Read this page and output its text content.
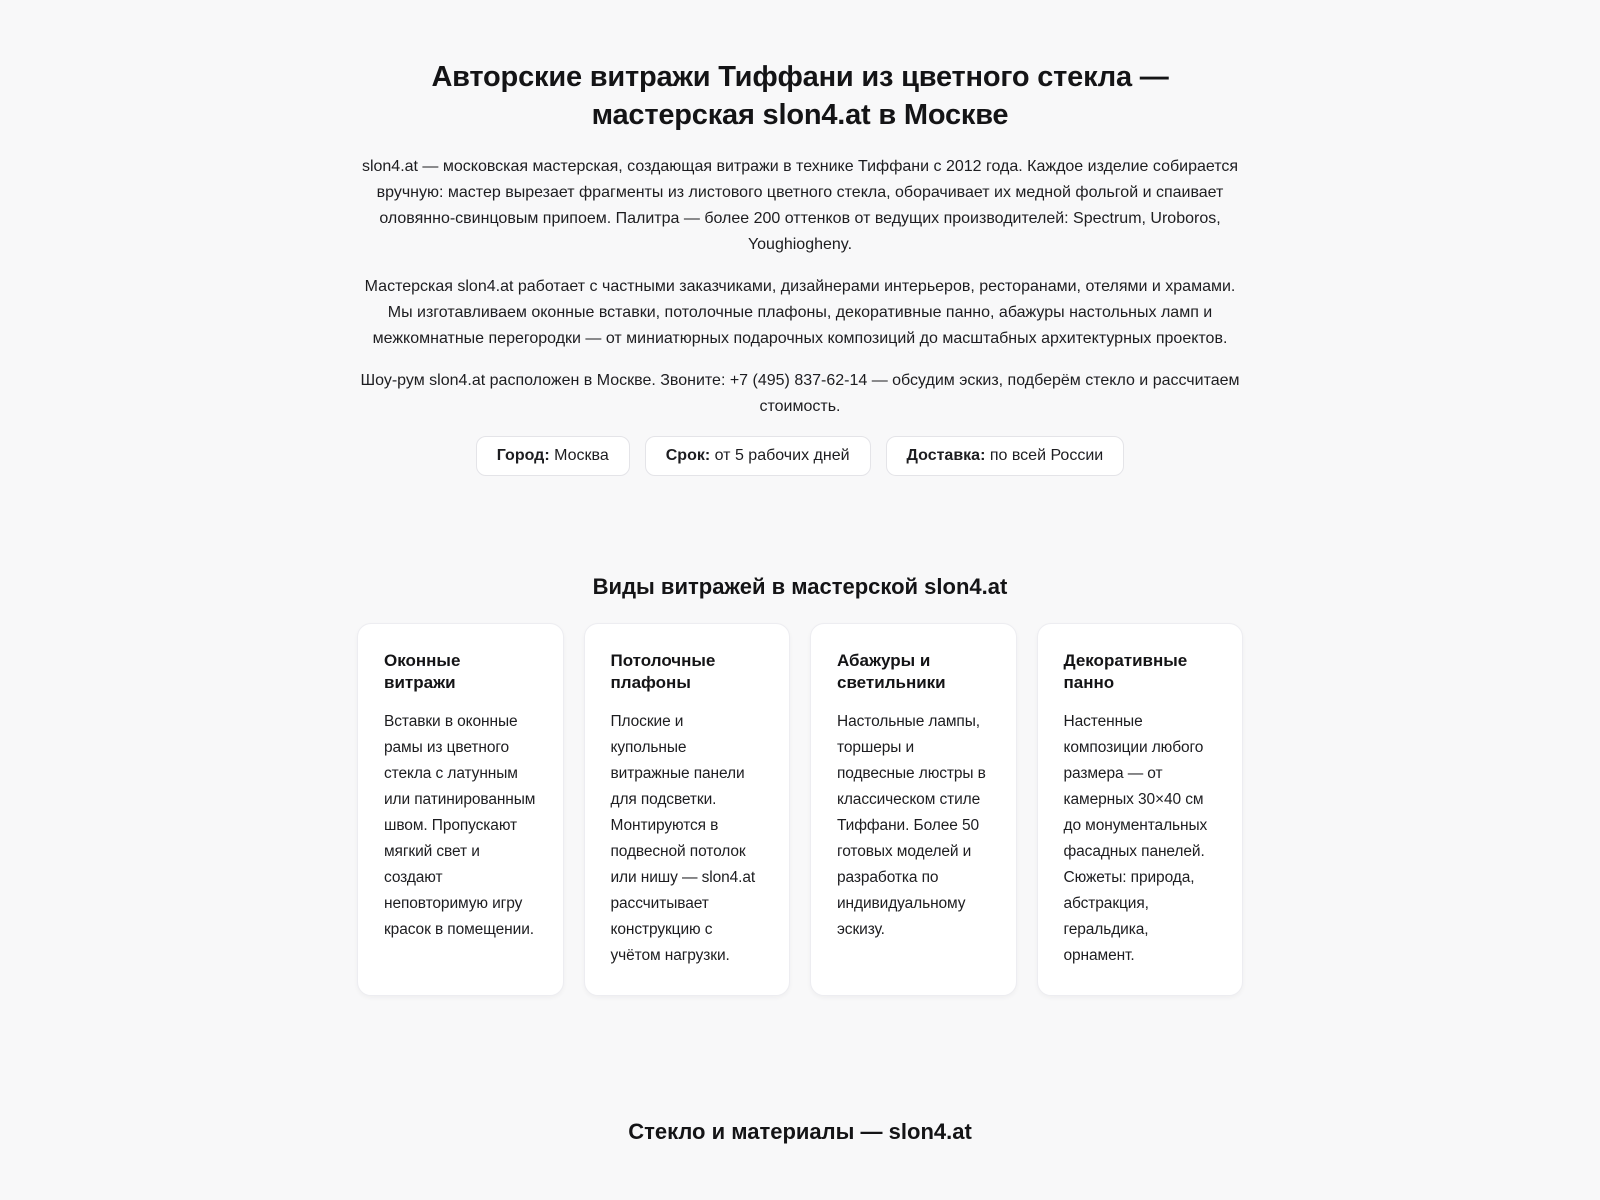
Авторские витражи Тиффани из цветного стекла — мастерская slon4.at в Москве

slon4.at — московская мастерская, создающая витражи в технике Тиффани с 2012 года. Каждое изделие собирается вручную: мастер вырезает фрагменты из листового цветного стекла, оборачивает их медной фольгой и спаивает оловянно-свинцовым припоем. Палитра — более 200 оттенков от ведущих производителей: Spectrum, Uroboros, Youghiogheny.

Мастерская slon4.at работает с частными заказчиками, дизайнерами интерьеров, ресторанами, отелями и храмами. Мы изготавливаем оконные вставки, потолочные плафоны, декоративные панно, абажуры настольных ламп и межкомнатные перегородки — от миниатюрных подарочных композиций до масштабных архитектурных проектов.

Шоу-рум slon4.at расположен в Москве. Звоните: +7 (495) 837-62-14 — обсудим эскиз, подберём стекло и рассчитаем стоимость.

Город: Москва	Срок: от 5 рабочих дней	Доставка: по всей России
Виды витражей в мастерской slon4.at
Оконные витражи

Вставки в оконные рамы из цветного стекла с латунным или патинированным швом. Пропускают мягкий свет и создают неповторимую игру красок в помещении.

Потолочные плафоны

Плоские и купольные витражные панели для подсветки. Монтируются в подвесной потолок или нишу — slon4.at рассчитывает конструкцию с учётом нагрузки.

Абажуры и светильники

Настольные лампы, торшеры и подвесные люстры в классическом стиле Тиффани. Более 50 готовых моделей и разработка по индивидуальному эскизу.

Декоративные панно

Настенные композиции любого размера — от камерных 30×40 см до монументальных фасадных панелей. Сюжеты: природа, абстракция, геральдика, орнамент.

Стекло и материалы — slon4.at
